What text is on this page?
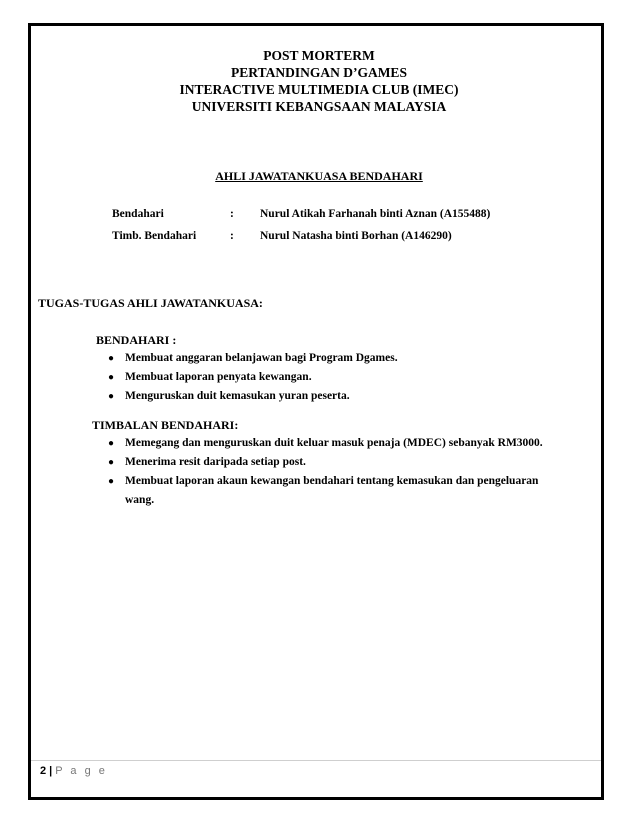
POST MORTERM
PERTANDINGAN D’GAMES
INTERACTIVE MULTIMEDIA CLUB (IMEC)
UNIVERSITI KEBANGSAAN MALAYSIA
AHLI JAWATANKUASA BENDAHARI
Bendahari	: Nurul Atikah Farhanah binti Aznan (A155488)
Timb. Bendahari	: Nurul Natasha binti Borhan (A146290)
TUGAS-TUGAS AHLI JAWATANKUASA:
BENDAHARI :
● Membuat anggaran belanjawan bagi Program Dgames.
● Membuat laporan penyata kewangan.
● Menguruskan duit kemasukan yuran peserta.
TIMBALAN BENDAHARI:
● Memegang dan menguruskan duit keluar masuk penaja (MDEC) sebanyak RM3000.
● Menerima resit daripada setiap post.
● Membuat laporan akaun kewangan bendahari tentang kemasukan dan pengeluaran wang.
2 | P a g e
